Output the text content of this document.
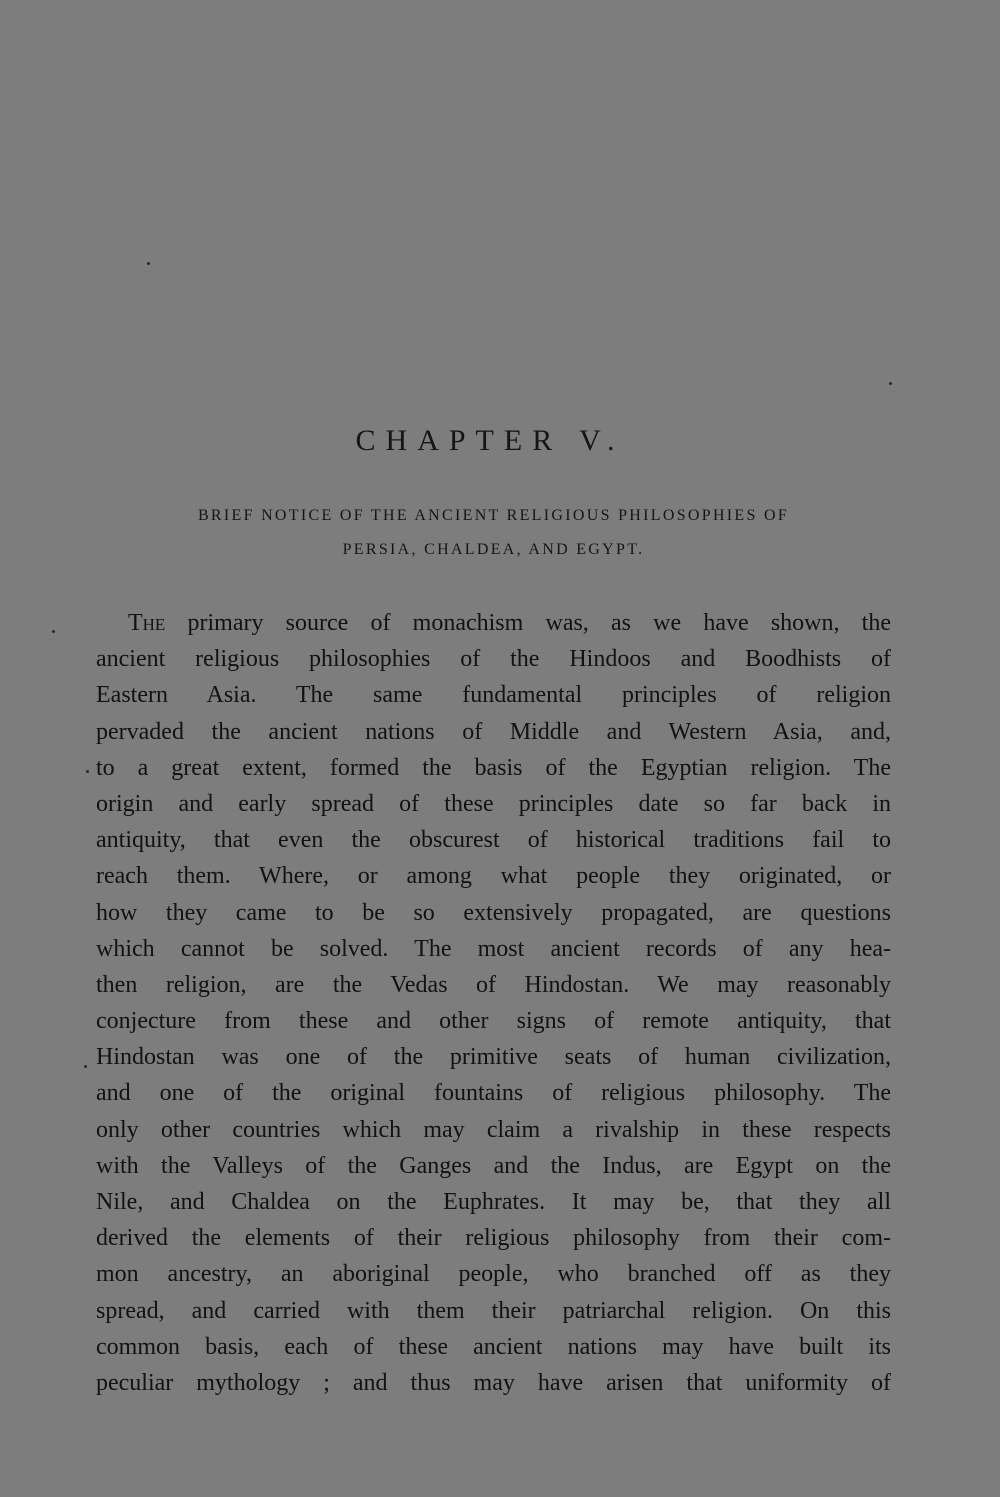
CHAPTER V.

BRIEF NOTICE OF THE ANCIENT RELIGIOUS PHILOSOPHIES OF

PERSIA, CHALDEA, AND EGYPT.

The primary source of monachism was, as we have shown, the
ancient religious philosophies of the Hindoos and Boodhists of
Eastern Asia. The same fundamental principles of religion
pervaded the ancient nations of Middle and Western Asia, and,
to a great extent, formed the basis of the Egyptian religion. The
origin and early spread of these principles date so far back in
antiquity, that even the obscurest of historical traditions fail to
reach them. Where, or among what people they originated, or
how they came to be so extensively propagated, are questions
which cannot be solved. The most ancient records of any hea-
then religion, are the Vedas of Hindostan. We may reasonably
conjecture from these and other signs of remote antiquity, that
Hindostan was one of the primitive seats of human civilization,
and one of the original fountains of religious philosophy. The
only other countries which may claim a rivalship in these respects
with the Valleys of the Ganges and the Indus, are Egypt on the
Nile, and Chaldea on the Euphrates. It may be, that they all
derived the elements of their religious philosophy from their com-
mon ancestry, an aboriginal people, who branched off as they
spread, and carried with them their patriarchal religion. On this
common basis, each of these ancient nations may have built its
peculiar mythology ; and thus may have arisen that uniformity of
